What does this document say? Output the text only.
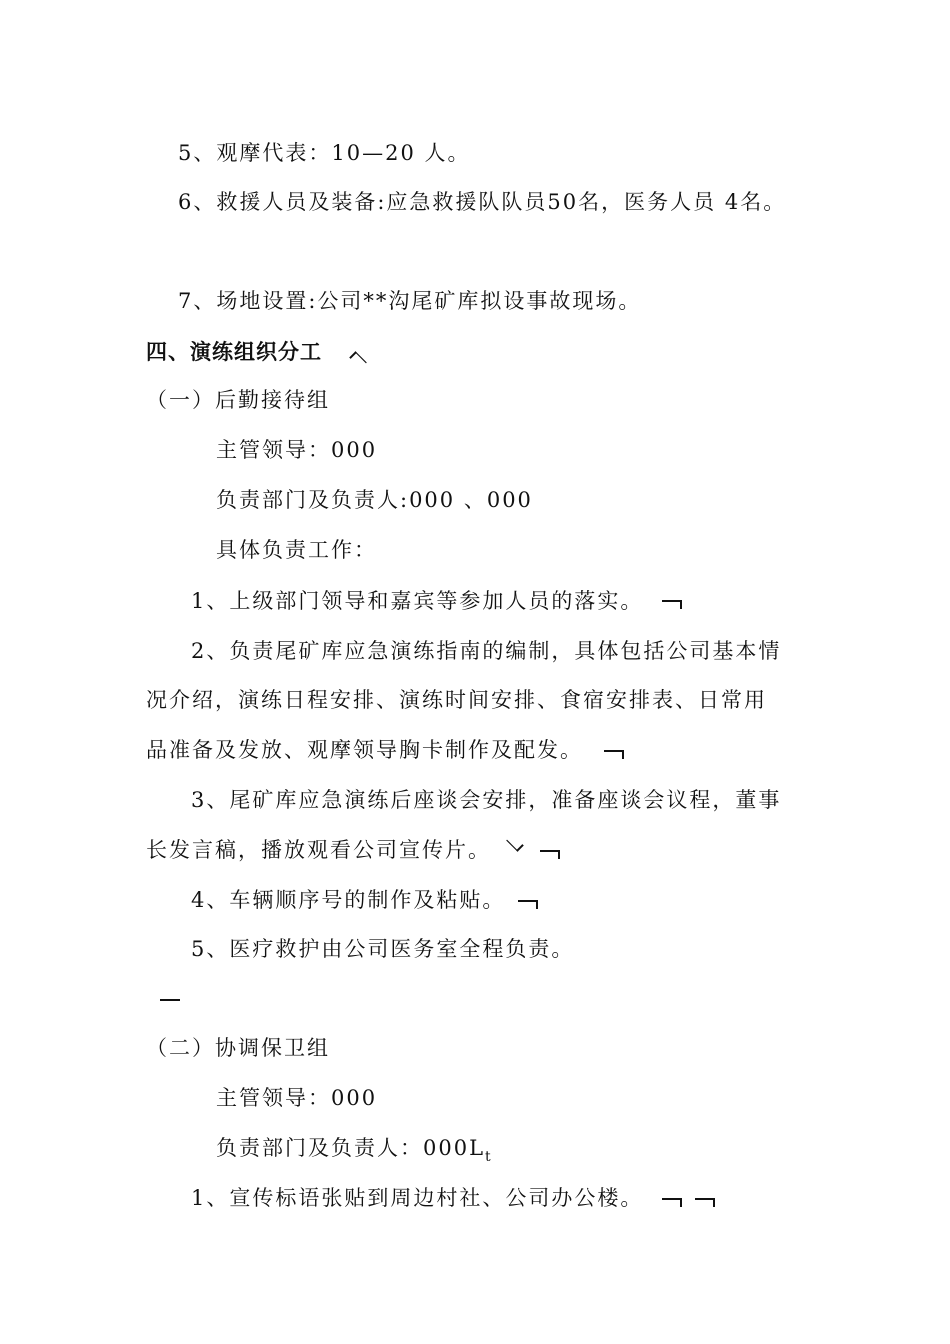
5、观摩代表：10—20 人。
6、救援人员及装备:应急救援队队员50名，医务人员 4名。
7、场地设置:公司**沟尾矿库拟设事故现场。
四、演练组织分工
（一）后勤接待组
主管领导：000
负责部门及负责人:000 、000
具体负责工作：
1、上级部门领导和嘉宾等参加人员的落实。
2、负责尾矿库应急演练指南的编制，具体包括公司基本情
况介绍，演练日程安排、演练时间安排、食宿安排表、日常用
品准备及发放、观摩领导胸卡制作及配发。
3、尾矿库应急演练后座谈会安排，准备座谈会议程，董事
长发言稿，播放观看公司宣传片。
4、车辆顺序号的制作及粘贴。
5、医疗救护由公司医务室全程负责。
（二）协调保卫组
主管领导：000
负责部门及负责人：$000L_t$
1、宣传标语张贴到周边村社、公司办公楼。
